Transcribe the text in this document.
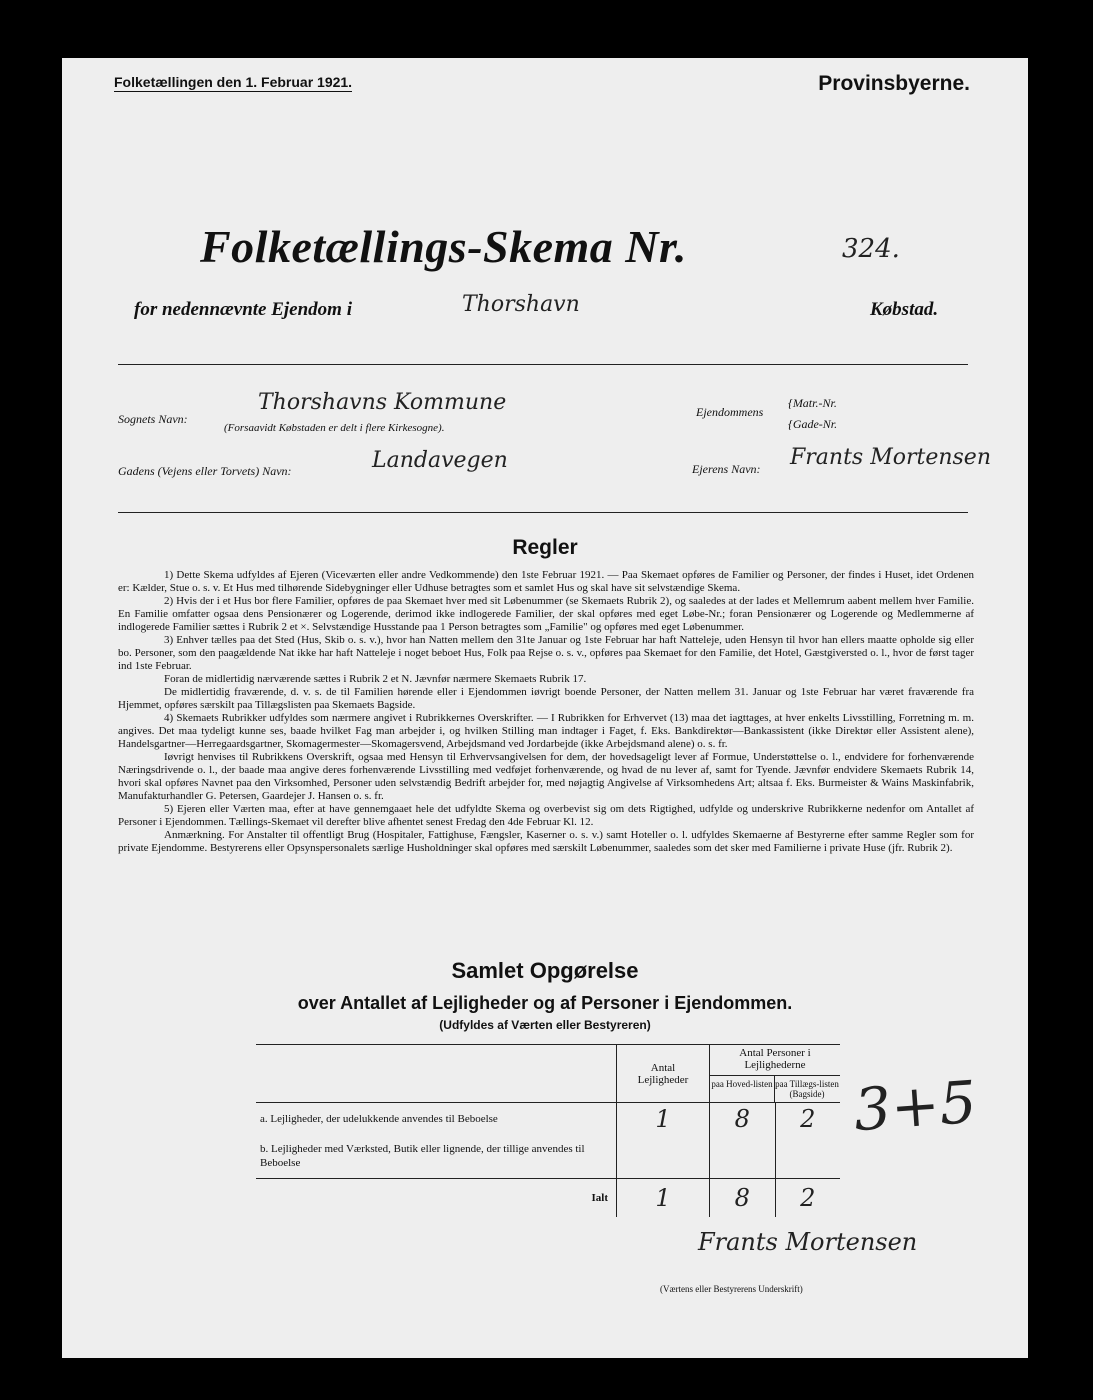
Folketællingen den 1. Februar 1921.	Provinsbyerne.
Folketællings-Skema Nr.	324.
for nedennævnte Ejendom i	Thorshavn	Købstad.
Sognets Navn:
Thorshavns Kommune
(Forsaavidt Købstaden er delt i flere Kirkesogne).
Ejendommens
{Matr.-Nr.
{Gade-Nr.
Gadens (Vejens eller Torvets) Navn:	Landavegen	Ejerens Navn: Frants Mortensen
Regler

1) Dette Skema udfyldes af Ejeren (Viceværten eller andre Vedkommende) den 1ste Februar 1921. — Paa Skemaet opføres de Familier og Personer, der findes i Huset, idet Ordenen er: Kælder, Stue o. s. v. Et Hus med tilhørende Sidebygninger eller Udhuse betragtes som et samlet Hus og skal have sit selvstændige Skema.

2) Hvis der i et Hus bor flere Familier, opføres de paa Skemaet hver med sit Løbenummer (se Skemaets Rubrik 2), og saaledes at der lades et Mellemrum aabent mellem hver Familie. En Familie omfatter ogsaa dens Pensionærer og Logerende, derimod ikke indlogerede Familier, der skal opføres med eget Løbe-Nr.; foran Pensionærer og Logerende og Medlemmerne af indlogerede Familier sættes i Rubrik 2 et ×. Selvstændige Husstande paa 1 Person betragtes som „Familie" og opføres med eget Løbenummer.

3) Enhver tælles paa det Sted (Hus, Skib o. s. v.), hvor han Natten mellem den 31te Januar og 1ste Februar har haft Natteleje, uden Hensyn til hvor han ellers maatte opholde sig eller bo. Personer, som den paagældende Nat ikke har haft Natteleje i noget beboet Hus, Folk paa Rejse o. s. v., opføres paa Skemaet for den Familie, det Hotel, Gæstgiversted o. l., hvor de først tager ind 1ste Februar.

Foran de midlertidig nærværende sættes i Rubrik 2 et N. Jævnfør nærmere Skemaets Rubrik 17.

De midlertidig fraværende, d. v. s. de til Familien hørende eller i Ejendommen iøvrigt boende Personer, der Natten mellem 31. Januar og 1ste Februar har været fraværende fra Hjemmet, opføres særskilt paa Tillægslisten paa Skemaets Bagside.

4) Skemaets Rubrikker udfyldes som nærmere angivet i Rubrikkernes Overskrifter. — I Rubrikken for Erhvervet (13) maa det iagttages, at hver enkelts Livsstilling, Forretning m. m. angives. Det maa tydeligt kunne ses, baade hvilket Fag man arbejder i, og hvilken Stilling man indtager i Faget, f. Eks. Bankdirektør—Bankassistent (ikke Direktør eller Assistent alene), Handelsgartner—Herregaardsgartner, Skomagermester—Skomagersvend, Arbejdsmand ved Jordarbejde (ikke Arbejdsmand alene) o. s. fr.

Iøvrigt henvises til Rubrikkens Overskrift, ogsaa med Hensyn til Erhvervsangivelsen for dem, der hovedsageligt lever af Formue, Understøttelse o. l., endvidere for forhenværende Næringsdrivende o. l., der baade maa angive deres forhenværende Livsstilling med vedføjet forhenværende, og hvad de nu lever af, samt for Tyende. Jævnfør endvidere Skemaets Rubrik 14, hvori skal opføres Navnet paa den Virksomhed, Personer uden selvstændig Bedrift arbejder for, med nøjagtig Angivelse af Virksomhedens Art; altsaa f. Eks. Burmeister & Wains Maskinfabrik, Manufakturhandler G. Petersen, Gaardejer J. Hansen o. s. fr.

5) Ejeren eller Værten maa, efter at have gennemgaaet hele det udfyldte Skema og overbevist sig om dets Rigtighed, udfylde og underskrive Rubrikkerne nedenfor om Antallet af Personer i Ejendommen. Tællings-Skemaet vil derefter blive afhentet senest Fredag den 4de Februar Kl. 12.

Anmærkning. For Anstalter til offentligt Brug (Hospitaler, Fattighuse, Fængsler, Kaserner o. s. v.) samt Hoteller o. l. udfyldes Skemaerne af Bestyrerne efter samme Regler som for private Ejendomme. Bestyrerens eller Opsynspersonalets særlige Husholdninger skal opføres med særskilt Løbenummer, saaledes som det sker med Familierne i private Huse (jfr. Rubrik 2).

Samlet Opgørelse
over Antallet af Lejligheder og af Personer i Ejendommen.
(Udfyldes af Værten eller Bestyreren)

	Antal Lejligheder	Antal Personer i Lejlighederne
paa Hoved-listen paa Tillægs-listen (Bagside)	

a. Lejligheder, der udelukkende anvendes til Beboelse	1	8	2
b. Lejligheder med Værksted, Butik eller lignende, der tillige anvendes til Beboelse			
Ialt	1	8	2
3+5
Frants Mortensen
(Værtens eller Bestyrerens Underskrift)
